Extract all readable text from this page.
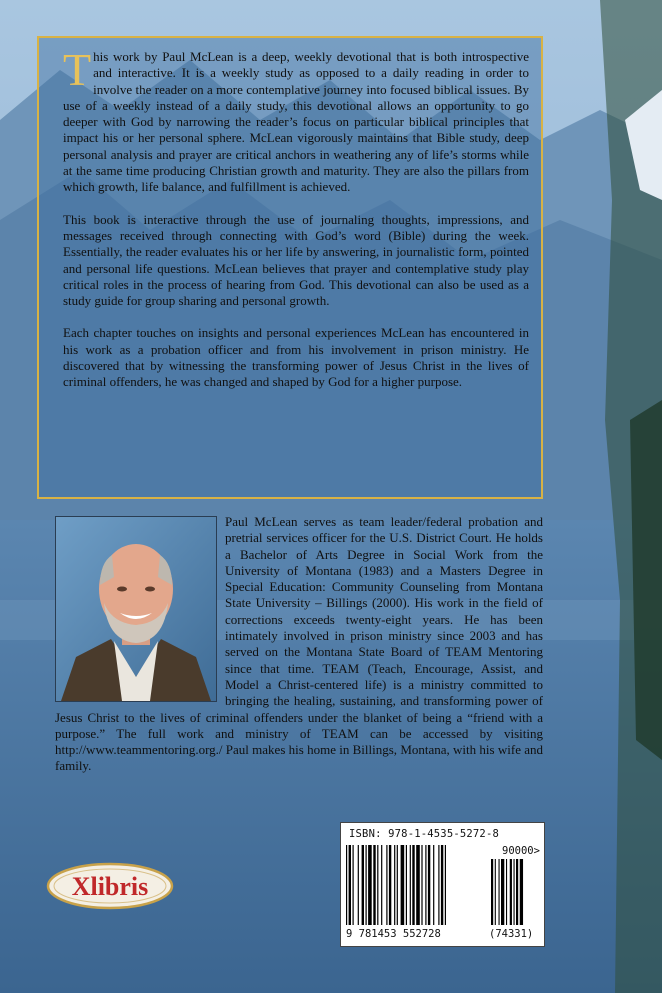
This work by Paul McLean is a deep, weekly devotional that is both introspective and interactive. It is a weekly study as opposed to a daily reading in order to involve the reader on a more contemplative journey into focused biblical issues. By use of a weekly instead of a daily study, this devotional allows an opportunity to go deeper with God by narrowing the reader’s focus on particular biblical principles that impact his or her personal sphere. McLean vigorously maintains that Bible study, deep personal analysis and prayer are critical anchors in weathering any of life’s storms while at the same time producing Christian growth and maturity. They are also the pillars from which growth, life balance, and fulfillment is achieved.

This book is interactive through the use of journaling thoughts, impressions, and messages received through connecting with God’s word (Bible) during the week. Essentially, the reader evaluates his or her life by answering, in journalistic form, pointed and personal life questions. McLean believes that prayer and contemplative study play critical roles in the process of hearing from God. This devotional can also be used as a study guide for group sharing and personal growth.

Each chapter touches on insights and personal experiences McLean has encountered in his work as a probation officer and from his involvement in prison ministry. He discovered that by witnessing the transforming power of Jesus Christ in the lives of criminal offenders, he was changed and shaped by God for a higher purpose.

Paul McLean serves as team leader/federal probation and pretrial services officer for the U.S. District Court. He holds a Bachelor of Arts Degree in Social Work from the University of Montana (1983) and a Masters Degree in Special Education: Community Counseling from Montana State University – Billings (2000). His work in the field of corrections exceeds twenty-eight years. He has been intimately involved in prison ministry since 2003 and has served on the Montana State Board of TEAM Mentoring since that time. TEAM (Teach, Encourage, Assist, and Model a Christ-centered life) is a ministry committed to bringing the healing, sustaining, and transforming power of Jesus Christ to the lives of criminal offenders under the blanket of being a “friend with a purpose.” The full work and ministry of TEAM can be accessed by visiting http://www.teammentoring.org./ Paul makes his home in Billings, Montana, with his wife and family.
ISBN: 978-1-4535-5272-8
90000>
9 781453 552728	(74331)
Xlibris
